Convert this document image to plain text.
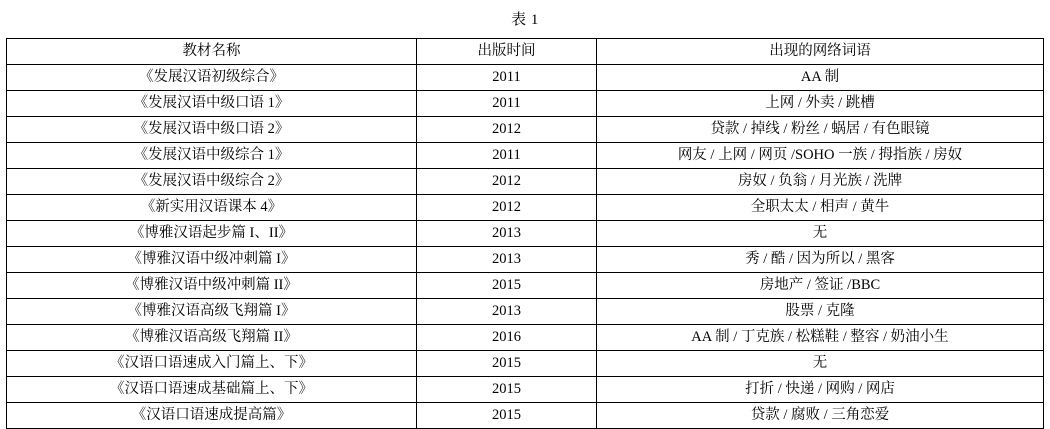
表 1
教材名称	出版时间	出现的网络词语
《发展汉语初级综合》	2011	AA 制
《发展汉语中级口语 1》	2011	上网 / 外卖 / 跳槽
《发展汉语中级口语 2》	2012	贷款 / 掉线 / 粉丝 / 蜗居 / 有色眼镜
《发展汉语中级综合 1》	2011	网友 / 上网 / 网页 /SOHO 一族 / 拇指族 / 房奴
《发展汉语中级综合 2》	2012	房奴 / 负翁 / 月光族 / 洗牌
《新实用汉语课本 4》	2012	全职太太 / 相声 / 黄牛
《博雅汉语起步篇 I、II》	2013	无
《博雅汉语中级冲刺篇 I》	2013	秀 / 酷 / 因为所以 / 黑客
《博雅汉语中级冲刺篇 II》	2015	房地产 / 签证 /BBC
《博雅汉语高级飞翔篇 I》	2013	股票 / 克隆
《博雅汉语高级飞翔篇 II》	2016	AA 制 / 丁克族 / 松糕鞋 / 整容 / 奶油小生
《汉语口语速成入门篇上、下》	2015	无
《汉语口语速成基础篇上、下》	2015	打折 / 快递 / 网购 / 网店
《汉语口语速成提高篇》	2015	贷款 / 腐败 / 三角恋爱
